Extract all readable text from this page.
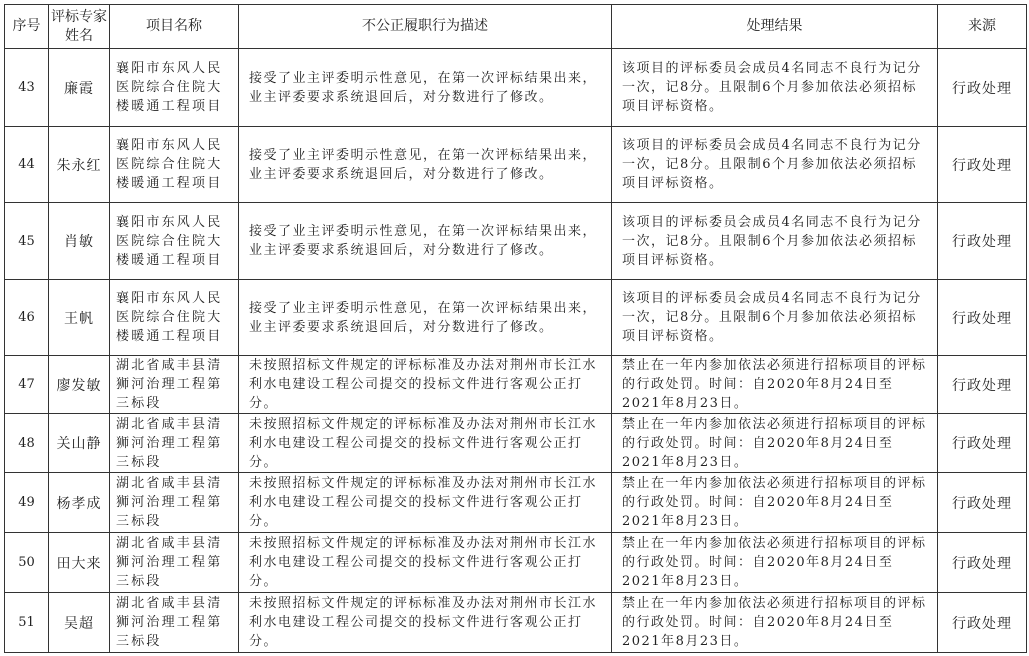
序号	评标专家姓名	项目名称	不公正履职行为描述	处理结果	来源
43	廉霞	襄阳市东风人民医院综合住院大楼暖通工程项目	接受了业主评委明示性意见，在第一次评标结果出来，业主评委要求系统退回后，对分数进行了修改。	该项目的评标委员会成员4名同志不良行为记分一次，记8分。且限制6个月参加依法必须招标项目评标资格。	行政处理
44	朱永红	襄阳市东风人民医院综合住院大楼暖通工程项目	接受了业主评委明示性意见，在第一次评标结果出来，业主评委要求系统退回后，对分数进行了修改。	该项目的评标委员会成员4名同志不良行为记分一次，记8分。且限制6个月参加依法必须招标项目评标资格。	行政处理
45	肖敏	襄阳市东风人民医院综合住院大楼暖通工程项目	接受了业主评委明示性意见，在第一次评标结果出来，业主评委要求系统退回后，对分数进行了修改。	该项目的评标委员会成员4名同志不良行为记分一次，记8分。且限制6个月参加依法必须招标项目评标资格。	行政处理
46	王帆	襄阳市东风人民医院综合住院大楼暖通工程项目	接受了业主评委明示性意见，在第一次评标结果出来，业主评委要求系统退回后，对分数进行了修改。	该项目的评标委员会成员4名同志不良行为记分一次，记8分。且限制6个月参加依法必须招标项目评标资格。	行政处理
47	廖发敏	湖北省咸丰县清狮河治理工程第三标段	未按照招标文件规定的评标标准及办法对荆州市长江水利水电建设工程公司提交的投标文件进行客观公正打分。	禁止在一年内参加依法必须进行招标项目的评标的行政处罚。时间：自2020年8月24日至2021年8月23日。	行政处理
48	关山静	湖北省咸丰县清狮河治理工程第三标段	未按照招标文件规定的评标标准及办法对荆州市长江水利水电建设工程公司提交的投标文件进行客观公正打分。	禁止在一年内参加依法必须进行招标项目的评标的行政处罚。时间：自2020年8月24日至2021年8月23日。	行政处理
49	杨孝成	湖北省咸丰县清狮河治理工程第三标段	未按照招标文件规定的评标标准及办法对荆州市长江水利水电建设工程公司提交的投标文件进行客观公正打分。	禁止在一年内参加依法必须进行招标项目的评标的行政处罚。时间：自2020年8月24日至2021年8月23日。	行政处理
50	田大来	湖北省咸丰县清狮河治理工程第三标段	未按照招标文件规定的评标标准及办法对荆州市长江水利水电建设工程公司提交的投标文件进行客观公正打分。	禁止在一年内参加依法必须进行招标项目的评标的行政处罚。时间：自2020年8月24日至2021年8月23日。	行政处理
51	吴超	湖北省咸丰县清狮河治理工程第三标段	未按照招标文件规定的评标标准及办法对荆州市长江水利水电建设工程公司提交的投标文件进行客观公正打分。	禁止在一年内参加依法必须进行招标项目的评标的行政处罚。时间：自2020年8月24日至2021年8月23日。	行政处理
